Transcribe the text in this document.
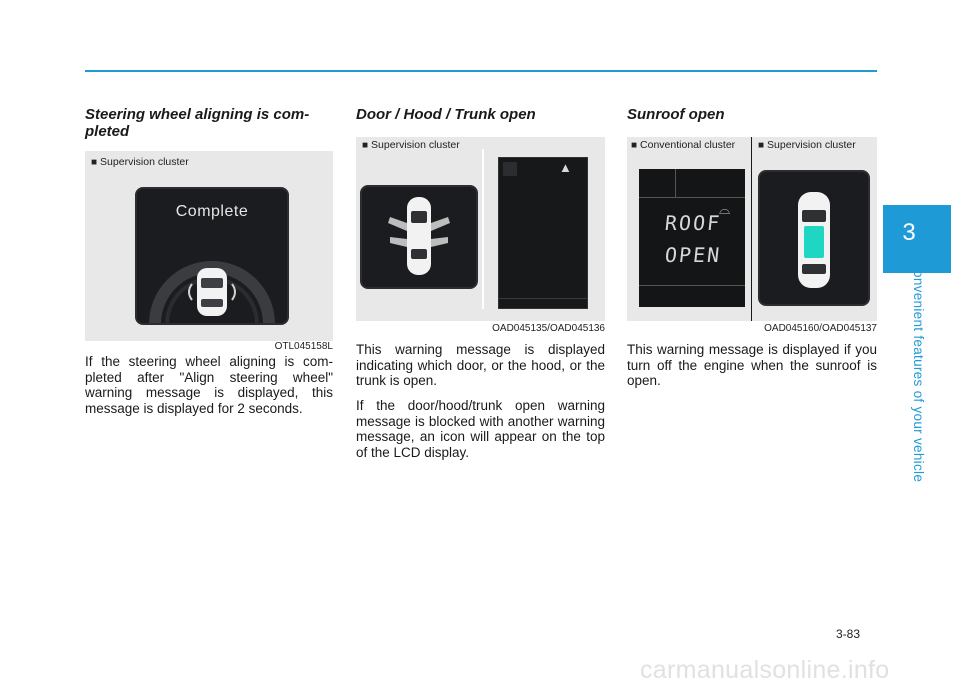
3
Convenient features of your vehicle
Steering wheel aligning is com-pleted
■ Supervision cluster
Complete
OTL045158L

If the steering wheel aligning is com-pleted after "Align steering wheel" warning message is displayed, this message is displayed for 2 seconds.

Door / Hood / Trunk open
■ Supervision cluster
▲
OAD045135/OAD045136

This warning message is displayed indicating which door, or the hood, or the trunk is open.

If the door/hood/trunk open warning message is blocked with another warning message, an icon will appear on the top of the LCD display.

Sunroof open
■ Conventional cluster ■ Supervision cluster
⌓
ROOF
OPEN
OAD045160/OAD045137

This warning message is displayed if you turn off the engine when the sunroof is open.

3-83
carmanualsonline.info
